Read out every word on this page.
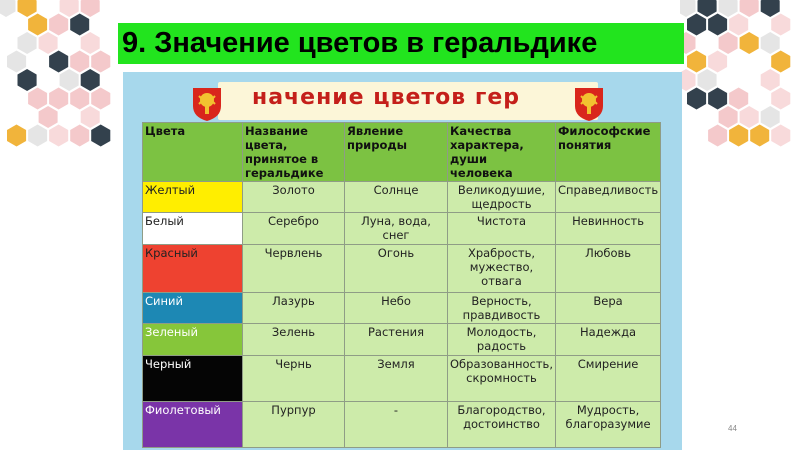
9. Значение цветов в геральдике
начение цветов гер
Цвета	Название цвета, принятое в геральдике	Явление природы	Качества характера, души человека	Философские понятия
Желтый	Золото	Солнце	Великодушие, щедрость	Справедливость
Белый	Серебро	Луна, вода, снег	Чистота	Невинность
Красный	Червлень	Огонь	Храбрость, мужество, отвага	Любовь
Синий	Лазурь	Небо	Верность, правдивость	Вера
Зеленый	Зелень	Растения	Молодость, радость	Надежда
Черный	Чернь	Земля	Образованность, скромность	Смирение
Фиолетовый	Пурпур	-	Благородство, достоинство	Мудрость, благоразумие	44
